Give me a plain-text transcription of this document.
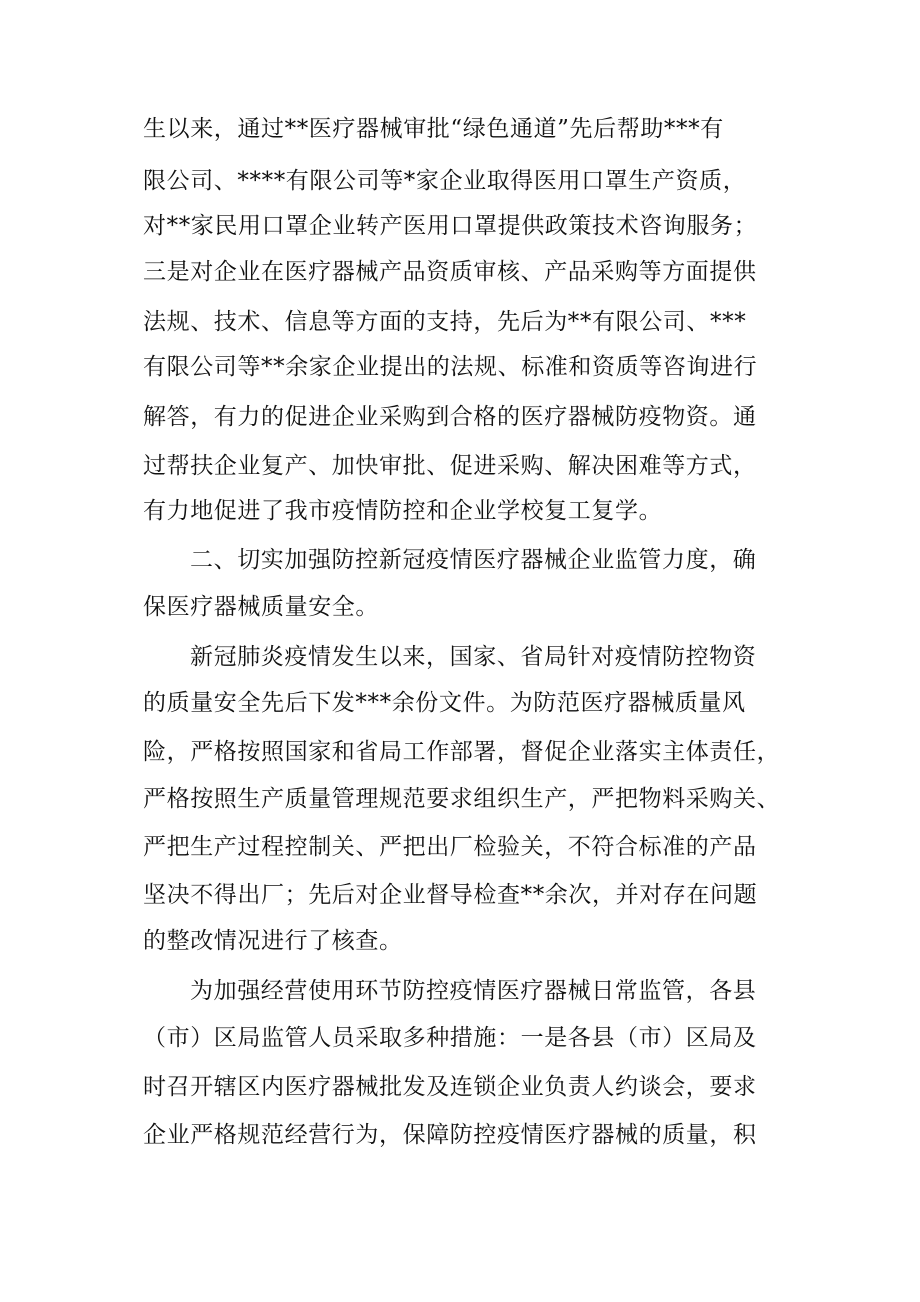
生以来，通过**医疗器械审批“绿色通道”先后帮助***有
限公司、****有限公司等*家企业取得医用口罩生产资质，
对**家民用口罩企业转产医用口罩提供政策技术咨询服务；
三是对企业在医疗器械产品资质审核、产品采购等方面提供
法规、技术、信息等方面的支持，先后为**有限公司、***
有限公司等**余家企业提出的法规、标准和资质等咨询进行
解答，有力的促进企业采购到合格的医疗器械防疫物资。通
过帮扶企业复产、加快审批、促进采购、解决困难等方式，
有力地促进了我市疫情防控和企业学校复工复学。
二、切实加强防控新冠疫情医疗器械企业监管力度，确
保医疗器械质量安全。
新冠肺炎疫情发生以来，国家、省局针对疫情防控物资
的质量安全先后下发***余份文件。为防范医疗器械质量风
险，严格按照国家和省局工作部署，督促企业落实主体责任，
严格按照生产质量管理规范要求组织生产，严把物料采购关、
严把生产过程控制关、严把出厂检验关，不符合标准的产品
坚决不得出厂；先后对企业督导检查**余次，并对存在问题
的整改情况进行了核查。
为加强经营使用环节防控疫情医疗器械日常监管，各县
（市）区局监管人员采取多种措施：一是各县（市）区局及
时召开辖区内医疗器械批发及连锁企业负责人约谈会，要求
企业严格规范经营行为，保障防控疫情医疗器械的质量，积
